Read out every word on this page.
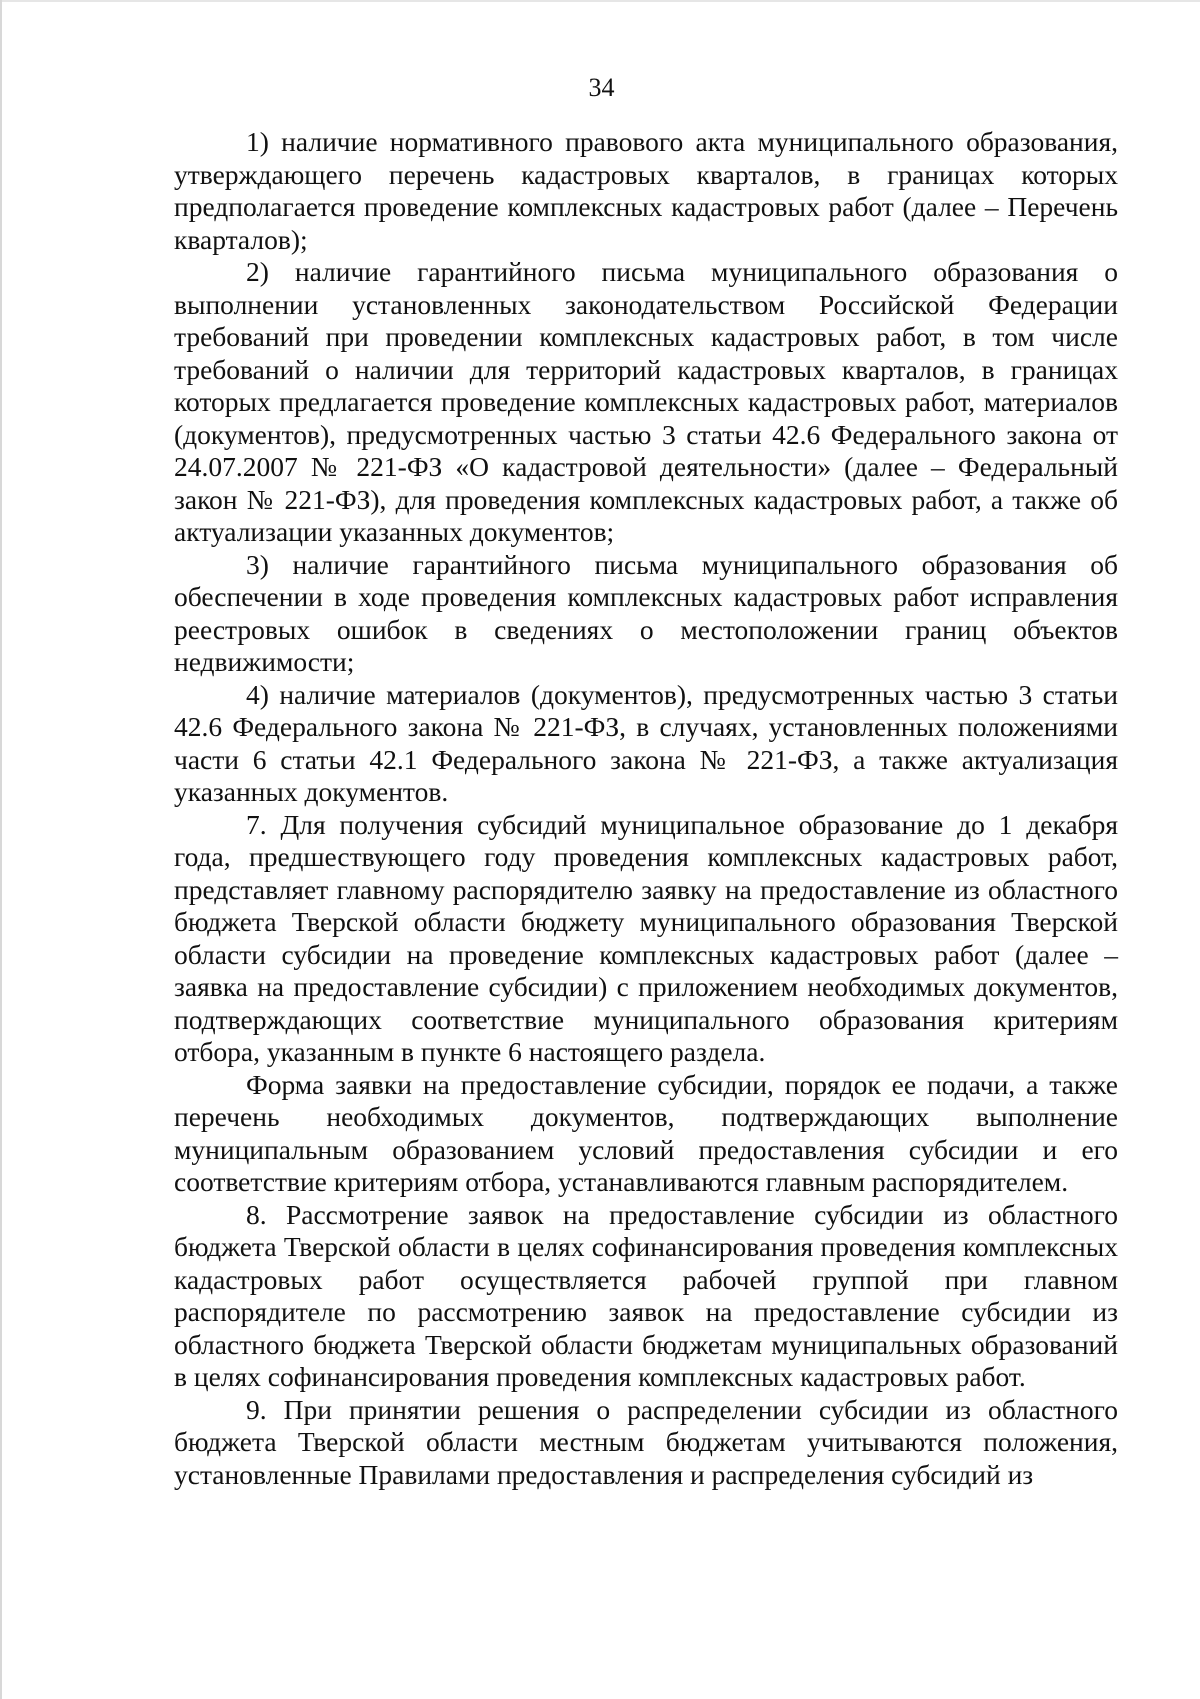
34

1) наличие нормативного правового акта муниципального образования, утверждающего перечень кадастровых кварталов, в границах которых предполагается проведение комплексных кадастровых работ (далее – Перечень кварталов);

2) наличие гарантийного письма муниципального образования о выполнении установленных законодательством Российской Федерации требований при проведении комплексных кадастровых работ, в том числе требований о наличии для территорий кадастровых кварталов, в границах которых предлагается проведение комплексных кадастровых работ, материалов (документов), предусмотренных частью 3 статьи 42.6 Федерального закона от 24.07.2007 № 221-ФЗ «О кадастровой деятельности» (далее – Федеральный закон № 221-ФЗ), для проведения комплексных кадастровых работ, а также об актуализации указанных документов;

3) наличие гарантийного письма муниципального образования об обеспечении в ходе проведения комплексных кадастровых работ исправления реестровых ошибок в сведениях о местоположении границ объектов недвижимости;

4) наличие материалов (документов), предусмотренных частью 3 статьи 42.6 Федерального закона № 221-ФЗ, в случаях, установленных положениями части 6 статьи 42.1 Федерального закона № 221-ФЗ, а также актуализация указанных документов.

7. Для получения субсидий муниципальное образование до 1 декабря года, предшествующего году проведения комплексных кадастровых работ, представляет главному распорядителю заявку на предоставление из областного бюджета Тверской области бюджету муниципального образования Тверской области субсидии на проведение комплексных кадастровых работ (далее – заявка на предоставление субсидии) с приложением необходимых документов, подтверждающих соответствие муниципального образования критериям отбора, указанным в пункте 6 настоящего раздела.

Форма заявки на предоставление субсидии, порядок ее подачи, а также перечень необходимых документов, подтверждающих выполнение муниципальным образованием условий предоставления субсидии и его соответствие критериям отбора, устанавливаются главным распорядителем.

8. Рассмотрение заявок на предоставление субсидии из областного бюджета Тверской области в целях софинансирования проведения комплексных кадастровых работ осуществляется рабочей группой при главном распорядителе по рассмотрению заявок на предоставление субсидии из областного бюджета Тверской области бюджетам муниципальных образований в целях софинансирования проведения комплексных кадастровых работ.

9. При принятии решения о распределении субсидии из областного бюджета Тверской области местным бюджетам учитываются положения, установленные Правилами предоставления и распределения субсидий из
